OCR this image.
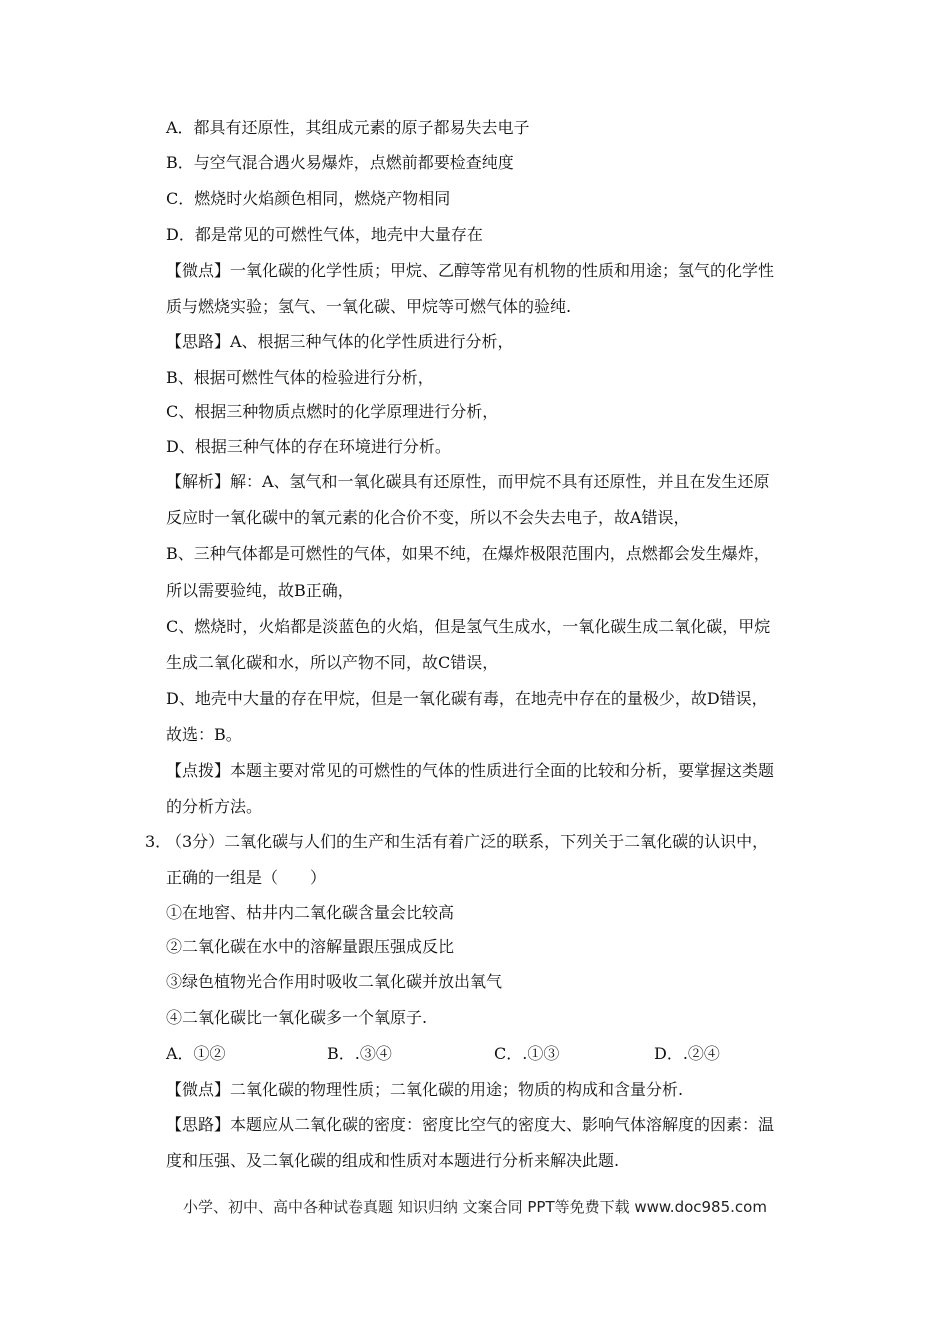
A．都具有还原性，其组成元素的原子都易失去电子
B．与空气混合遇火易爆炸，点燃前都要检查纯度
C．燃烧时火焰颜色相同，燃烧产物相同
D．都是常见的可燃性气体，地壳中大量存在
【微点】一氧化碳的化学性质；甲烷、乙醇等常见有机物的性质和用途；氢气的化学性
质与燃烧实验；氢气、一氧化碳、甲烷等可燃气体的验纯.
【思路】A、根据三种气体的化学性质进行分析，
B、根据可燃性气体的检验进行分析，
C、根据三种物质点燃时的化学原理进行分析，
D、根据三种气体的存在环境进行分析。
【解析】解：A、氢气和一氧化碳具有还原性，而甲烷不具有还原性，并且在发生还原
反应时一氧化碳中的氧元素的化合价不变，所以不会失去电子，故A错误，
B、三种气体都是可燃性的气体，如果不纯，在爆炸极限范围内，点燃都会发生爆炸，
所以需要验纯，故B正确，
C、燃烧时，火焰都是淡蓝色的火焰，但是氢气生成水，一氧化碳生成二氧化碳，甲烷
生成二氧化碳和水，所以产物不同，故C错误，
D、地壳中大量的存在甲烷，但是一氧化碳有毒，在地壳中存在的量极少，故D错误，
故选：B。
【点拨】本题主要对常见的可燃性的气体的性质进行全面的比较和分析，要掌握这类题
的分析方法。
3．
（3分）二氧化碳与人们的生产和生活有着广泛的联系，下列关于二氧化碳的认识中，
正确的一组是（　　）
①在地窖、枯井内二氧化碳含量会比较高
②二氧化碳在水中的溶解量跟压强成反比
③绿色植物光合作用时吸收二氧化碳并放出氧气
④二氧化碳比一氧化碳多一个氧原子.
A．①②	B．.③④	C．.①③	D．.②④
【微点】二氧化碳的物理性质；二氧化碳的用途；物质的构成和含量分析.
【思路】本题应从二氧化碳的密度：密度比空气的密度大、影响气体溶解度的因素：温
度和压强、及二氧化碳的组成和性质对本题进行分析来解决此题.
小学、初中、高中各种试卷真题 知识归纳 文案合同 PPT等免费下载 www.doc985.com
